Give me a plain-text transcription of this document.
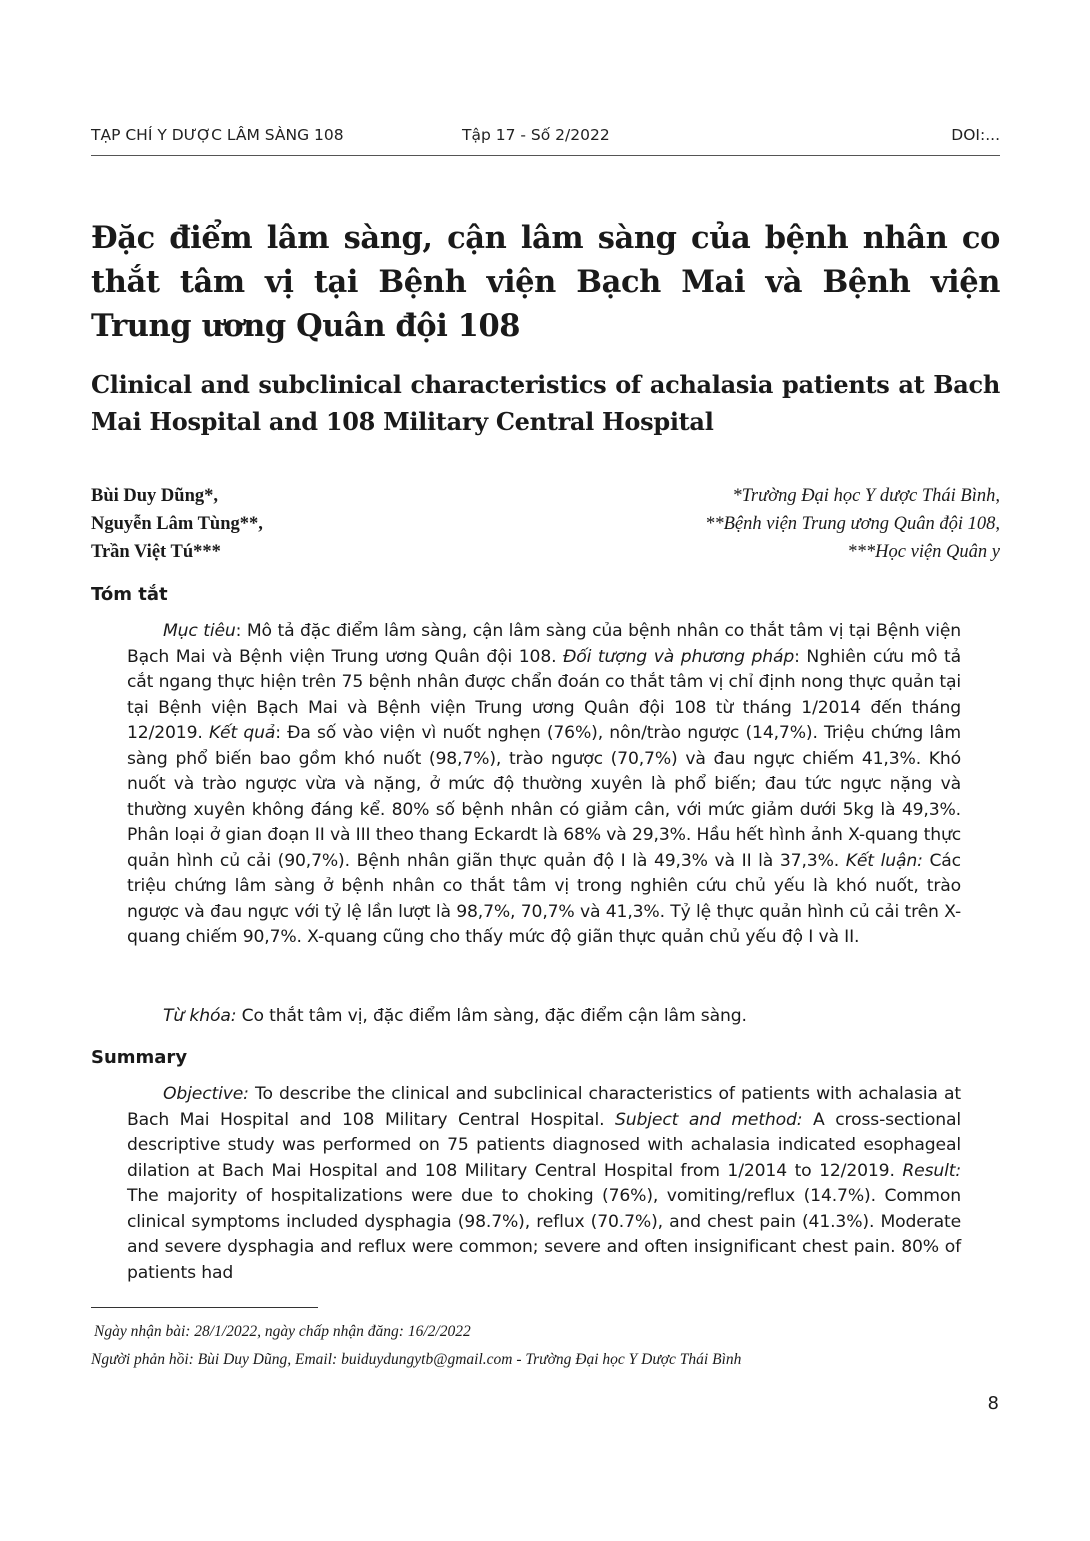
TẠP CHÍ Y DƯỢC LÂM SÀNG 108	Tập 17 - Số 2/2022	DOI:...
Đặc điểm lâm sàng, cận lâm sàng của bệnh nhân co thắt tâm vị tại Bệnh viện Bạch Mai và Bệnh viện Trung ương Quân đội 108
Clinical and subclinical characteristics of achalasia patients at Bach Mai Hospital and 108 Military Central Hospital
Bùi Duy Dũng*,
Nguyễn Lâm Tùng**,
Trần Việt Tú***
*Trường Đại học Y dược Thái Bình,
**Bệnh viện Trung ương Quân đội 108,
***Học viện Quân y
Tóm tắt

Mục tiêu: Mô tả đặc điểm lâm sàng, cận lâm sàng của bệnh nhân co thắt tâm vị tại Bệnh viện Bạch Mai và Bệnh viện Trung ương Quân đội 108. Đối tượng và phương pháp: Nghiên cứu mô tả cắt ngang thực hiện trên 75 bệnh nhân được chẩn đoán co thắt tâm vị chỉ định nong thực quản tại tại Bệnh viện Bạch Mai và Bệnh viện Trung ương Quân đội 108 từ tháng 1/2014 đến tháng 12/2019. Kết quả: Đa số vào viện vì nuốt nghẹn (76%), nôn/trào ngược (14,7%). Triệu chứng lâm sàng phổ biến bao gồm khó nuốt (98,7%), trào ngược (70,7%) và đau ngực chiếm 41,3%. Khó nuốt và trào ngược vừa và nặng, ở mức độ thường xuyên là phổ biến; đau tức ngực nặng và thường xuyên không đáng kể. 80% số bệnh nhân có giảm cân, với mức giảm dưới 5kg là 49,3%. Phân loại ở gian đoạn II và III theo thang Eckardt là 68% và 29,3%. Hầu hết hình ảnh X-quang thực quản hình củ cải (90,7%). Bệnh nhân giãn thực quản độ I là 49,3% và II là 37,3%. Kết luận: Các triệu chứng lâm sàng ở bệnh nhân co thắt tâm vị trong nghiên cứu chủ yếu là khó nuốt, trào ngược và đau ngực với tỷ lệ lần lượt là 98,7%, 70,7% và 41,3%. Tỷ lệ thực quản hình củ cải trên X-quang chiếm 90,7%. X-quang cũng cho thấy mức độ giãn thực quản chủ yếu độ I và II.

Từ khóa: Co thắt tâm vị, đặc điểm lâm sàng, đặc điểm cận lâm sàng.

Summary

Objective: To describe the clinical and subclinical characteristics of patients with achalasia at Bach Mai Hospital and 108 Military Central Hospital. Subject and method: A cross-sectional descriptive study was performed on 75 patients diagnosed with achalasia indicated esophageal dilation at Bach Mai Hospital and 108 Military Central Hospital from 1/2014 to 12/2019. Result: The majority of hospitalizations were due to choking (76%), vomiting/reflux (14.7%). Common clinical symptoms included dysphagia (98.7%), reflux (70.7%), and chest pain (41.3%). Moderate and severe dysphagia and reflux were common; severe and often insignificant chest pain. 80% of patients had

Ngày nhận bài: 28/1/2022, ngày chấp nhận đăng: 16/2/2022

Người phản hồi: Bùi Duy Dũng, Email: buiduydungytb@gmail.com - Trường Đại học Y Dược Thái Bình

8
